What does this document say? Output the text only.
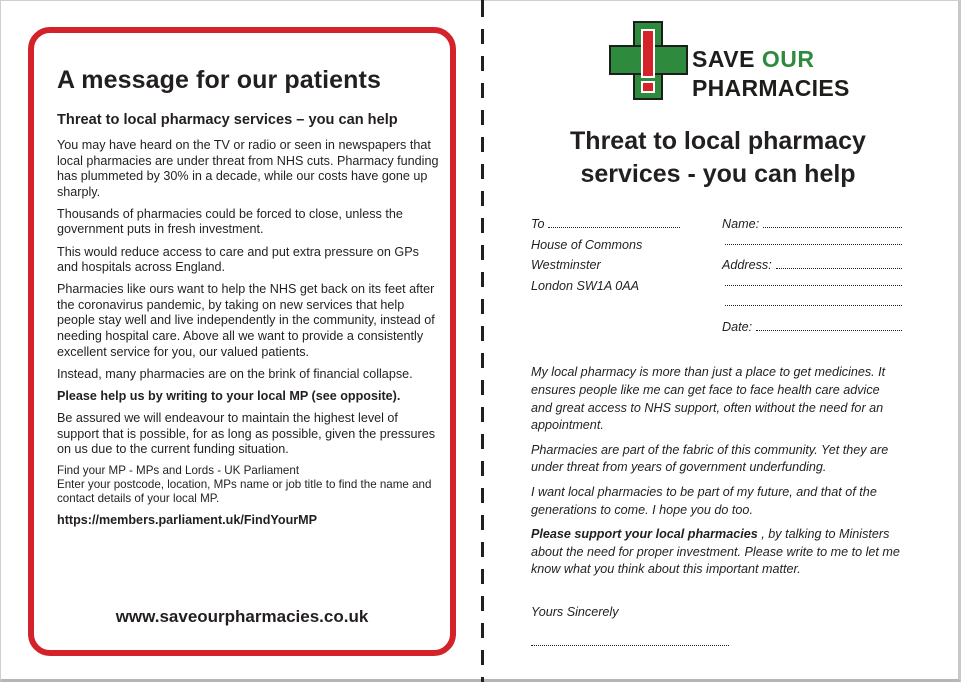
A message for our patients
Threat to local pharmacy services – you can help

You may have heard on the TV or radio or seen in newspapers that local pharmacies are under threat from NHS cuts. Pharmacy funding has plummeted by 30% in a decade, while our costs have gone up sharply.

Thousands of pharmacies could be forced to close, unless the government puts in fresh investment.

This would reduce access to care and put extra pressure on GPs and hospitals across England.

Pharmacies like ours want to help the NHS get back on its feet after the coronavirus pandemic, by taking on new services that help people stay well and live independently in the community, instead of needing hospital care. Above all we want to provide a consistently excellent service for you, our valued patients.

Instead, many pharmacies are on the brink of financial collapse.

Please help us by writing to your local MP (see opposite).

Be assured we will endeavour to maintain the highest level of support that is possible, for as long as possible, given the pressures on us due to the current funding situation.

Find your MP - MPs and Lords - UK Parliament
Enter your postcode, location, MPs name or job title to find the name and contact details of your local MP.

https://members.parliament.uk/FindYourMP

www.saveourpharmacies.co.uk
SAVE OUR
PHARMACIES
Threat to local pharmacy
services - you can help
To
House of Commons
Westminster
London SW1A 0AA
Name:
Address:
Date:

My local pharmacy is more than just a place to get medicines. It ensures people like me can get face to face health care advice and great access to NHS support, often without the need for an appointment.

Pharmacies are part of the fabric of this community. Yet they are under threat from years of government underfunding.

I want local pharmacies to be part of my future, and that of the generations to come. I hope you do too.

Please support your local pharmacies , by talking to Ministers about the need for proper investment. Please write to me to let me know what you think about this important matter.

Yours Sincerely
